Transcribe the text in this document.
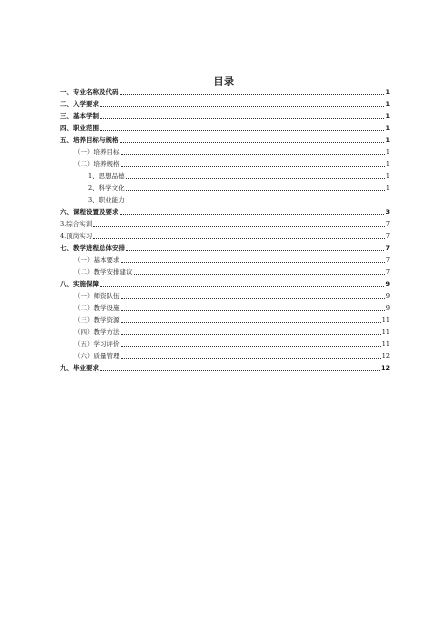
目录
一、专业名称及代码	1
二、入学要求	1
三、基本学制	1
四、职业范围	1
五、培养目标与规格	1
（一）培养目标	1
（二）培养规格	1
1、思想品德	1
2、科学文化	1
3、职业能力
六、课程设置及要求	3
3.综合实训	7
4.顶岗实习	7
七、教学进程总体安排	7
（一）基本要求	7
（二）教学安排建议	7
八、实施保障	9
（一）师资队伍	9
（二）教学设施	9
（三）教学资源	11
（四）教学方法	11
（五）学习评价	11
（六）质量管理	12
九、毕业要求	12
